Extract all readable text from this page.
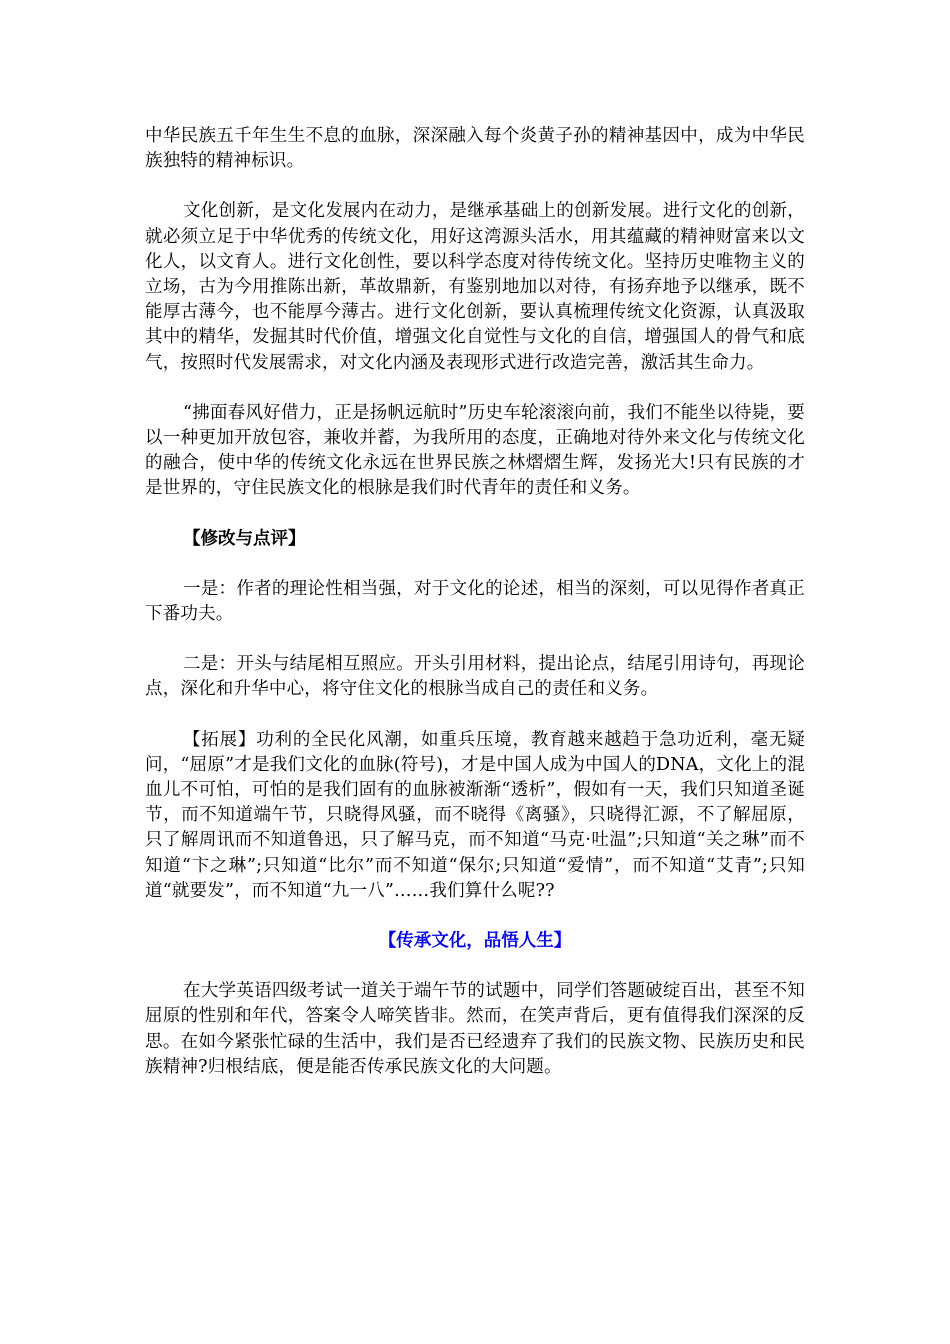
中华民族五千年生生不息的血脉，深深融入每个炎黄子孙的精神基因中，成为中华民族独特的精神标识。

文化创新，是文化发展内在动力，是继承基础上的创新发展。进行文化的创新，就必须立足于中华优秀的传统文化，用好这湾源头活水，用其蕴藏的精神财富来以文化人，以文育人。进行文化创性，要以科学态度对待传统文化。坚持历史唯物主义的立场，古为今用推陈出新，革故鼎新，有鉴别地加以对待，有扬弃地予以继承，既不能厚古薄今，也不能厚今薄古。进行文化创新，要认真梳理传统文化资源，认真汲取其中的精华，发掘其时代价值，增强文化自觉性与文化的自信，增强国人的骨气和底气，按照时代发展需求，对文化内涵及表现形式进行改造完善，激活其生命力。

“拂面春风好借力，正是扬帆远航时”历史车轮滚滚向前，我们不能坐以待毙，要以一种更加开放包容，兼收并蓄，为我所用的态度，正确地对待外来文化与传统文化的融合，使中华的传统文化永远在世界民族之林熠熠生辉，发扬光大!只有民族的才是世界的，守住民族文化的根脉是我们时代青年的责任和义务。

【修改与点评】

一是：作者的理论性相当强，对于文化的论述，相当的深刻，可以见得作者真正下番功夫。

二是：开头与结尾相互照应。开头引用材料，提出论点，结尾引用诗句，再现论点，深化和升华中心，将守住文化的根脉当成自己的责任和义务。

【拓展】功利的全民化风潮，如重兵压境，教育越来越趋于急功近利，毫无疑问，“屈原”才是我们文化的血脉(符号)，才是中国人成为中国人的DNA，文化上的混血儿不可怕，可怕的是我们固有的血脉被渐渐“透析”，假如有一天，我们只知道圣诞节，而不知道端午节，只晓得风骚，而不晓得《离骚》，只晓得汇源，不了解屈原，只了解周讯而不知道鲁迅，只了解马克，而不知道“马克·吐温”;只知道“关之琳”而不知道“卞之琳”;只知道“比尔”而不知道“保尔;只知道“爱情”，而不知道“艾青”;只知道“就要发”，而不知道“九一八”……我们算什么呢??

【传承文化，品悟人生】

在大学英语四级考试一道关于端午节的试题中，同学们答题破绽百出，甚至不知屈原的性别和年代，答案令人啼笑皆非。然而，在笑声背后，更有值得我们深深的反思。在如今紧张忙碌的生活中，我们是否已经遗弃了我们的民族文物、民族历史和民族精神?归根结底，便是能否传承民族文化的大问题。
